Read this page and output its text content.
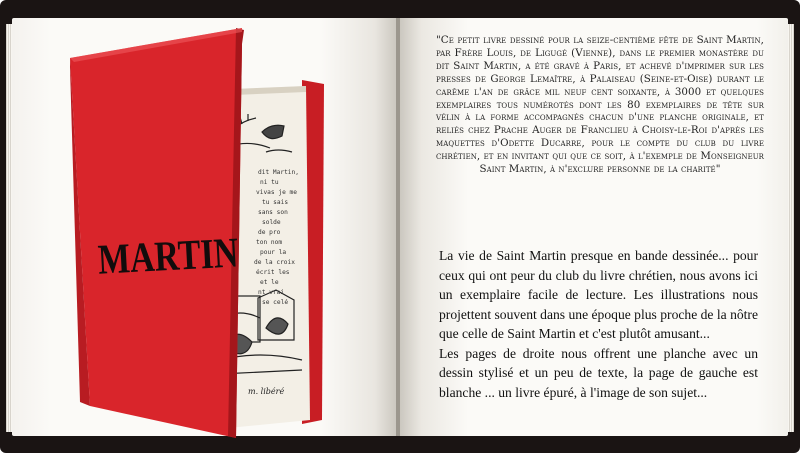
dit Martin,
ni tu
vivas je me
tu sais
sans son
solde
de pro
ton nom
pour la
de la croix
écrit les
et le
nt vrai
se celé
m. libéré
MARTIN
"Ce petit livre dessiné pour la seize-centième fête de Saint Martin, par Frère Louis, de Ligugé (Vienne), dans le premier monastère du dit Saint Martin, a été gravé à Paris, et achevé d'imprimer sur les presses de George Lemaître, à Palaiseau (Seine-et-Oise) durant le carême l'an de grâce mil neuf cent soixante, à 3000 et quelques exemplaires tous numérotés dont les 80 exemplaires de tête sur vélin à la forme accompagnés chacun d'une planche originale, et reliés chez Prache Auger de Franclieu à Choisy-le-Roi d'après les maquettes d'Odette Ducarre, pour le compte du club du livre chrétien, et en invitant qui que ce soit, à l'exemple de Monseigneur Saint Martin, à n'exclure personne de la charité"

La vie de Saint Martin presque en bande dessinée... pour ceux qui ont peur du club du livre chrétien, nous avons ici un exemplaire facile de lecture. Les illustrations nous projettent souvent dans une époque plus proche de la nôtre que celle de Saint Martin et c'est plutôt amusant...

Les pages de droite nous offrent une planche avec un dessin stylisé et un peu de texte, la page de gauche est blanche ... un livre épuré, à l'image de son sujet...
